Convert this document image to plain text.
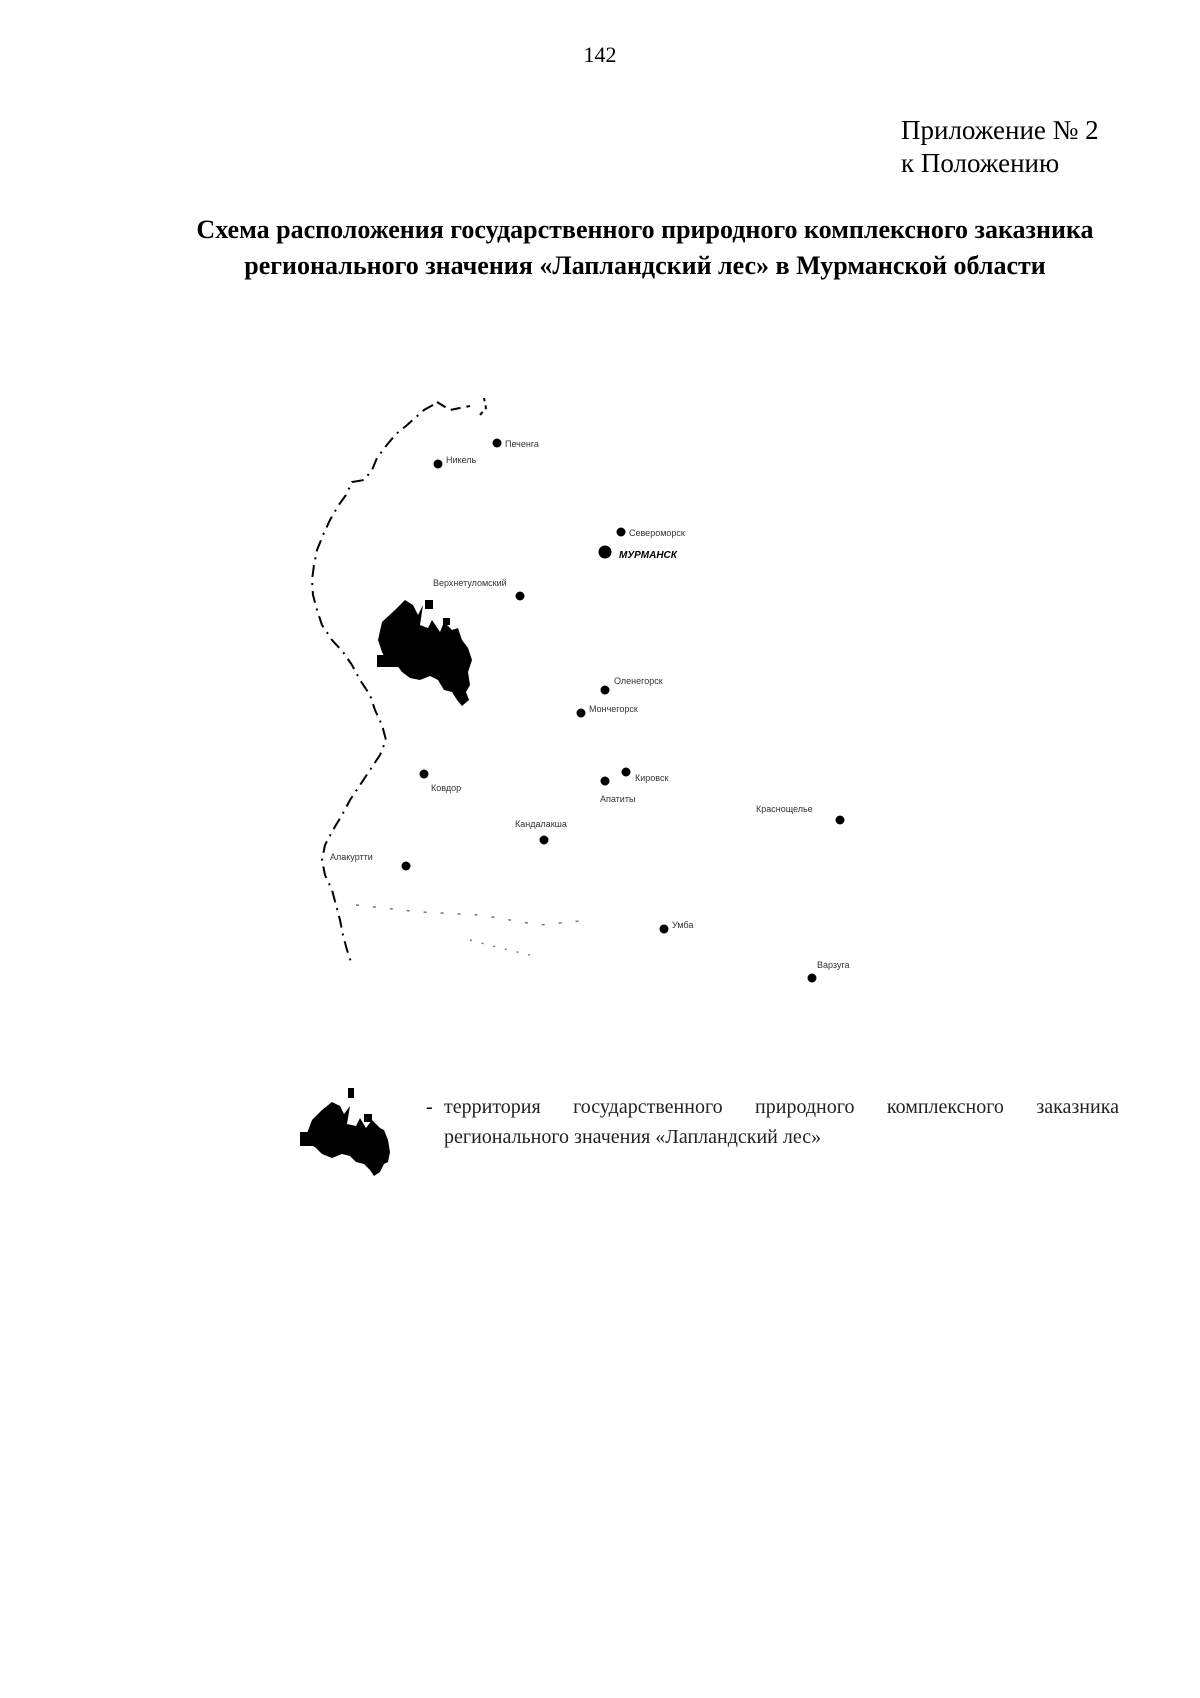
142
Приложение № 2
к Положению
Схема расположения государственного природного комплексного заказника регионального значения «Лапландский лес» в Мурманской области
Печенга
Никель
Североморск
МУРМАНСК
Верхнетуломский
Оленегорск
Мончегорск
Ковдор
Кировск
Апатиты
Кандалакша
Алакуртти
Умба
Варзуга
Краснощелье
- территория государственного природного комплексного заказника регионального значения «Лапландский лес»
